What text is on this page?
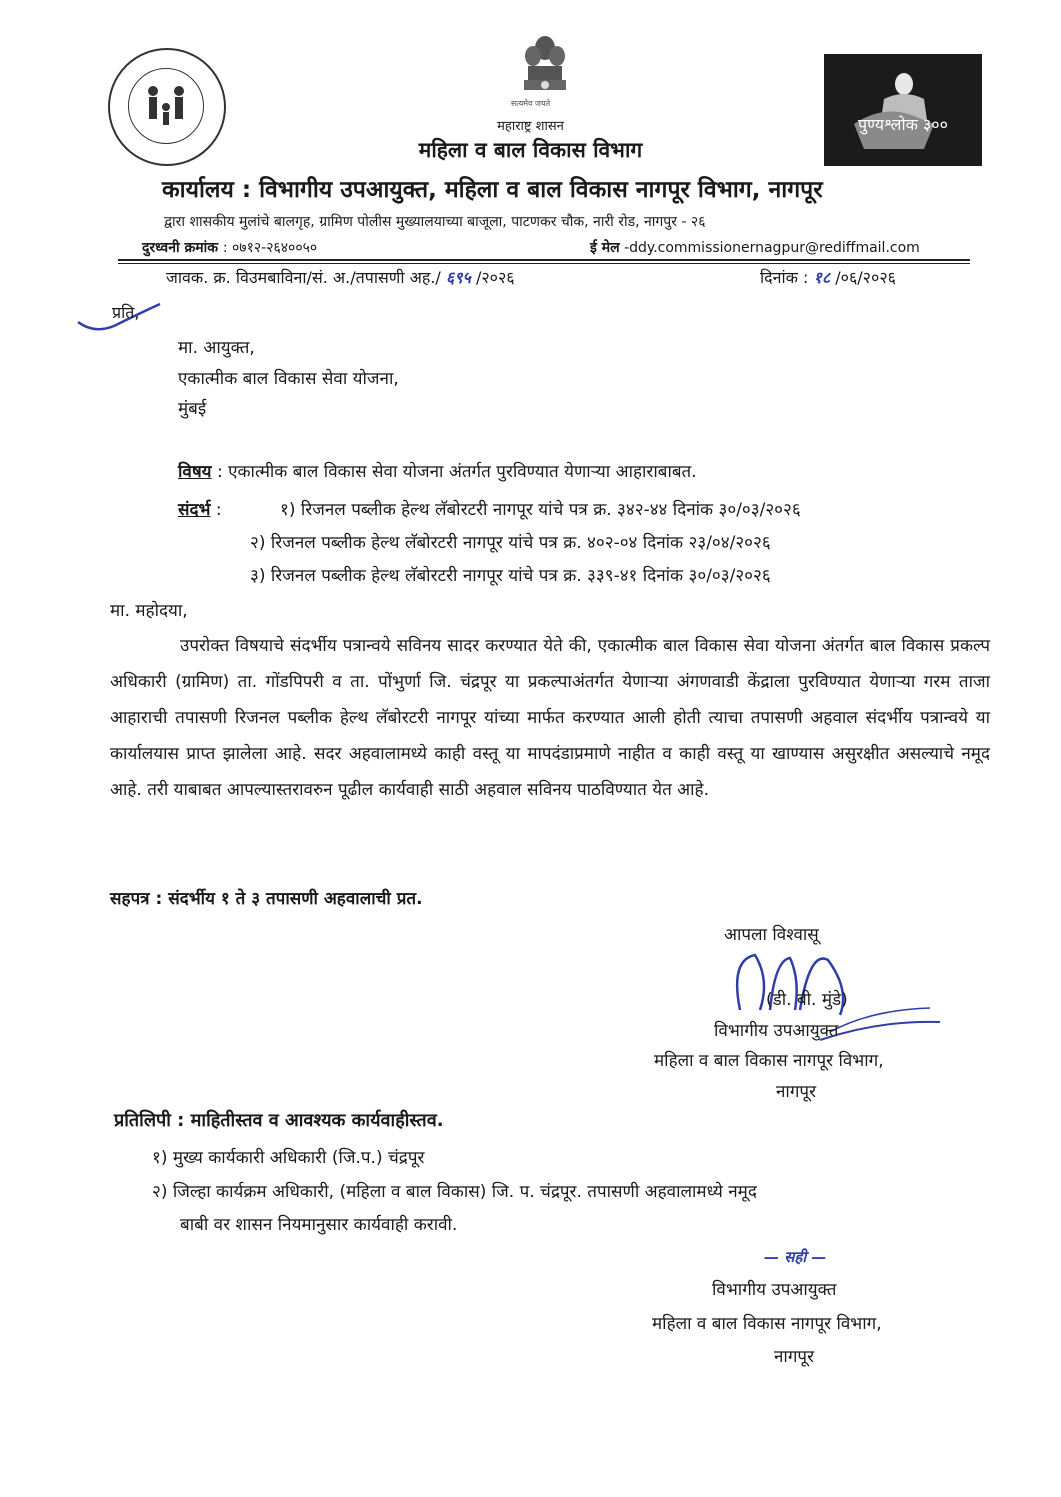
सत्यमेव जयते
पुण्यश्लोक ३००
महाराष्ट्र शासन
महिला व बाल विकास विभाग
कार्यालय : विभागीय उपआयुक्त, महिला व बाल विकास नागपूर विभाग, नागपूर
द्वारा शासकीय मुलांचे बालगृह, ग्रामिण पोलीस मुख्यालयाच्या बाजूला, पाटणकर चौक, नारी रोड, नागपुर - २६
दुरध्वनी क्रमांक : ०७१२-२६४००५०	ई मेल -ddy.commissionernagpur@rediffmail.com
जावक. क्र. विउमबाविना/सं. अ./तपासणी अह./ ६९५ /२०२६	दिनांक : १८ /०६/२०२६
प्रति,
मा. आयुक्त,
एकात्मीक बाल विकास सेवा योजना,
मुंबई
विषय : एकात्मीक बाल विकास सेवा योजना अंतर्गत पुरविण्यात येणाऱ्या आहाराबाबत.
संदर्भ :	१) रिजनल पब्लीक हेल्थ लॅबोरटरी नागपूर यांचे पत्र क्र. ३४२-४४ दिनांक ३०/०३/२०२६
२) रिजनल पब्लीक हेल्थ लॅबोरटरी नागपूर यांचे पत्र क्र. ४०२-०४ दिनांक २३/०४/२०२६
३) रिजनल पब्लीक हेल्थ लॅबोरटरी नागपूर यांचे पत्र क्र. ३३९-४१ दिनांक ३०/०३/२०२६
मा. महोदया,
उपरोक्त विषयाचे संदर्भीय पत्रान्वये सविनय सादर करण्यात येते की, एकात्मीक बाल विकास सेवा योजना अंतर्गत बाल विकास प्रकल्प अधिकारी (ग्रामिण) ता. गोंडपिपरी व ता. पोंभुर्णा जि. चंद्रपूर या प्रकल्पाअंतर्गत येणाऱ्या अंगणवाडी केंद्राला पुरविण्यात येणाऱ्या गरम ताजा आहाराची तपासणी रिजनल पब्लीक हेल्थ लॅबोरटरी नागपूर यांच्या मार्फत करण्यात आली होती त्याचा तपासणी अहवाल संदर्भीय पत्रान्वये या कार्यालयास प्राप्त झालेला आहे. सदर अहवालामध्ये काही वस्तू या मापदंडाप्रमाणे नाहीत व काही वस्तू या खाण्यास असुरक्षीत असल्याचे नमूद आहे. तरी याबाबत आपल्यास्तरावरुन पूढील कार्यवाही साठी अहवाल सविनय पाठविण्यात येत आहे.
सहपत्र : संदर्भीय १ ते ३ तपासणी अहवालाची प्रत.
आपला विश्वासू
(डी. बी. मुंडे)
विभागीय उपआयुक्त
महिला व बाल विकास नागपूर विभाग,
नागपूर
प्रतिलिपी : माहितीस्तव व आवश्यक कार्यवाहीस्तव.
१) मुख्य कार्यकारी अधिकारी (जि.प.) चंद्रपूर
२) जिल्हा कार्यक्रम अधिकारी, (महिला व बाल विकास) जि. प. चंद्रपूर. तपासणी अहवालामध्ये नमूद
बाबी वर शासन नियमानुसार कार्यवाही करावी.
— सही —
विभागीय उपआयुक्त
महिला व बाल विकास नागपूर विभाग,
नागपूर
